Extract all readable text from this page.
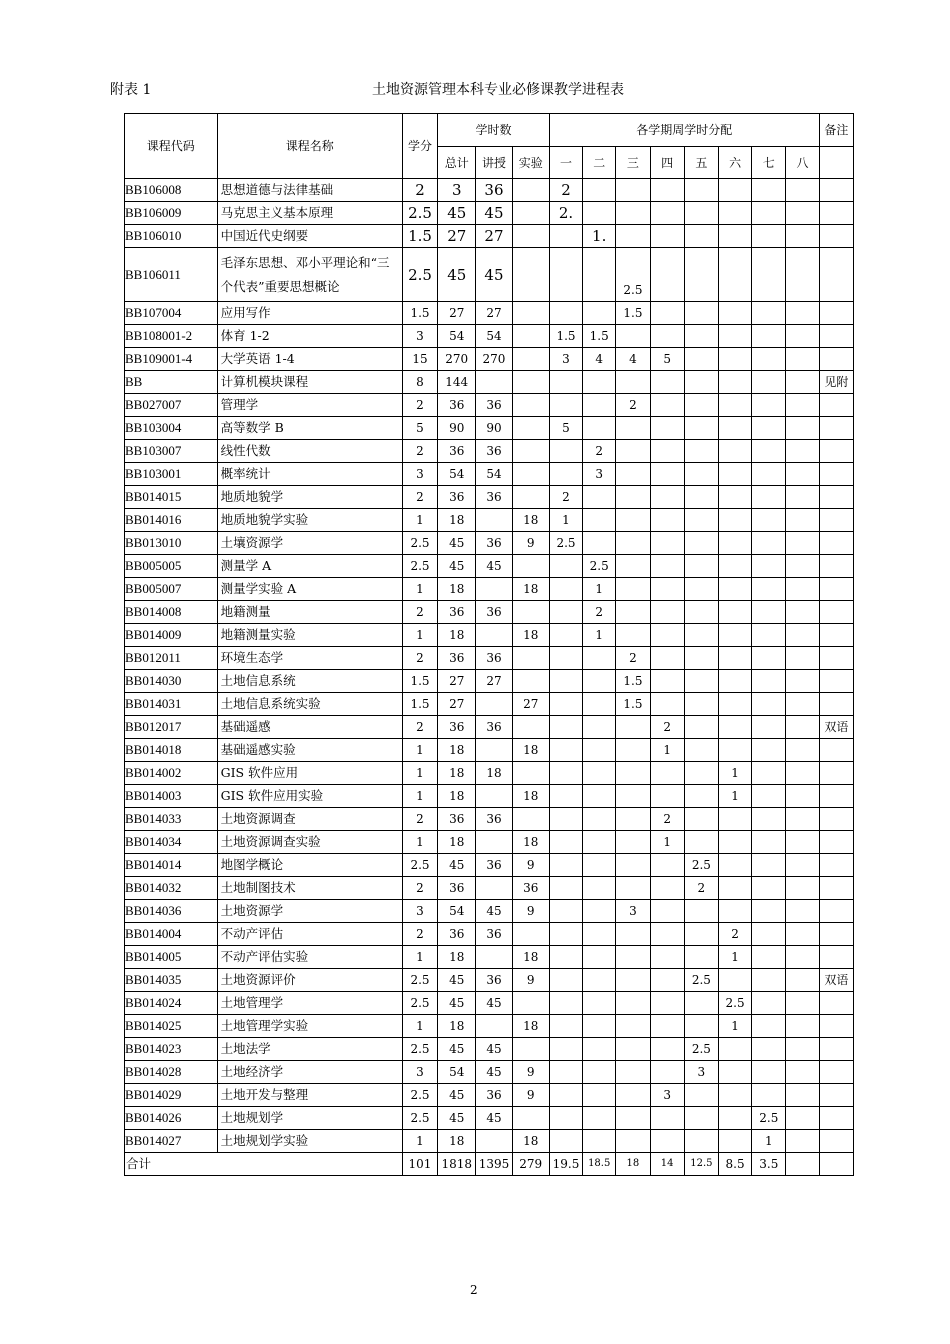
附表 1	土地资源管理本科专业必修课教学进程表
课程代码	课程名称	学分	学时数			各学期周学时分配								备注
			总计	讲授	实验	一	二	三	四	五	六	七	八	
BB106008	思想道德与法律基础	2	3	36		2								
BB106009	马克思主义基本原理	2.5	45	45		2.								
BB106010	中国近代史纲要	1.5	27	27			1.							
BB106011	毛泽东思想、邓小平理论和“三个代表”重要思想概论	2.5	45	45				2.5						
BB107004	应用写作	1.5	27	27				1.5						
BB108001-2	体育 1-2	3	54	54		1.5	1.5							
BB109001-4	大学英语 1-4	15	270	270		3	4	4	5					
BB	计算机模块课程	8	144											见附
BB027007	管理学	2	36	36				2						
BB103004	高等数学 B	5	90	90		5								
BB103007	线性代数	2	36	36			2							
BB103001	概率统计	3	54	54			3							
BB014015	地质地貌学	2	36	36		2								
BB014016	地质地貌学实验	1	18		18	1								
BB013010	土壤资源学	2.5	45	36	9	2.5								
BB005005	测量学 A	2.5	45	45			2.5							
BB005007	测量学实验 A	1	18		18		1							
BB014008	地籍测量	2	36	36			2							
BB014009	地籍测量实验	1	18		18		1							
BB012011	环境生态学	2	36	36				2						
BB014030	土地信息系统	1.5	27	27				1.5						
BB014031	土地信息系统实验	1.5	27		27			1.5						
BB012017	基础遥感	2	36	36					2					双语
BB014018	基础遥感实验	1	18		18				1					
BB014002	GIS 软件应用	1	18	18							1			
BB014003	GIS 软件应用实验	1	18		18						1			
BB014033	土地资源调查	2	36	36					2					
BB014034	土地资源调查实验	1	18		18				1					
BB014014	地图学概论	2.5	45	36	9					2.5				
BB014032	土地制图技术	2	36		36					2				
BB014036	土地资源学	3	54	45	9			3						
BB014004	不动产评估	2	36	36							2			
BB014005	不动产评估实验	1	18		18						1			
BB014035	土地资源评价	2.5	45	36	9					2.5				双语
BB014024	土地管理学	2.5	45	45							2.5			
BB014025	土地管理学实验	1	18		18						1			
BB014023	土地法学	2.5	45	45						2.5				
BB014028	土地经济学	3	54	45	9					3				
BB014029	土地开发与整理	2.5	45	36	9				3					
BB014026	土地规划学	2.5	45	45								2.5		
BB014027	土地规划学实验	1	18		18							1		
合计		101	1818	1395	279	19.5	18.5	18	14	12.5	8.5	3.5		
2
